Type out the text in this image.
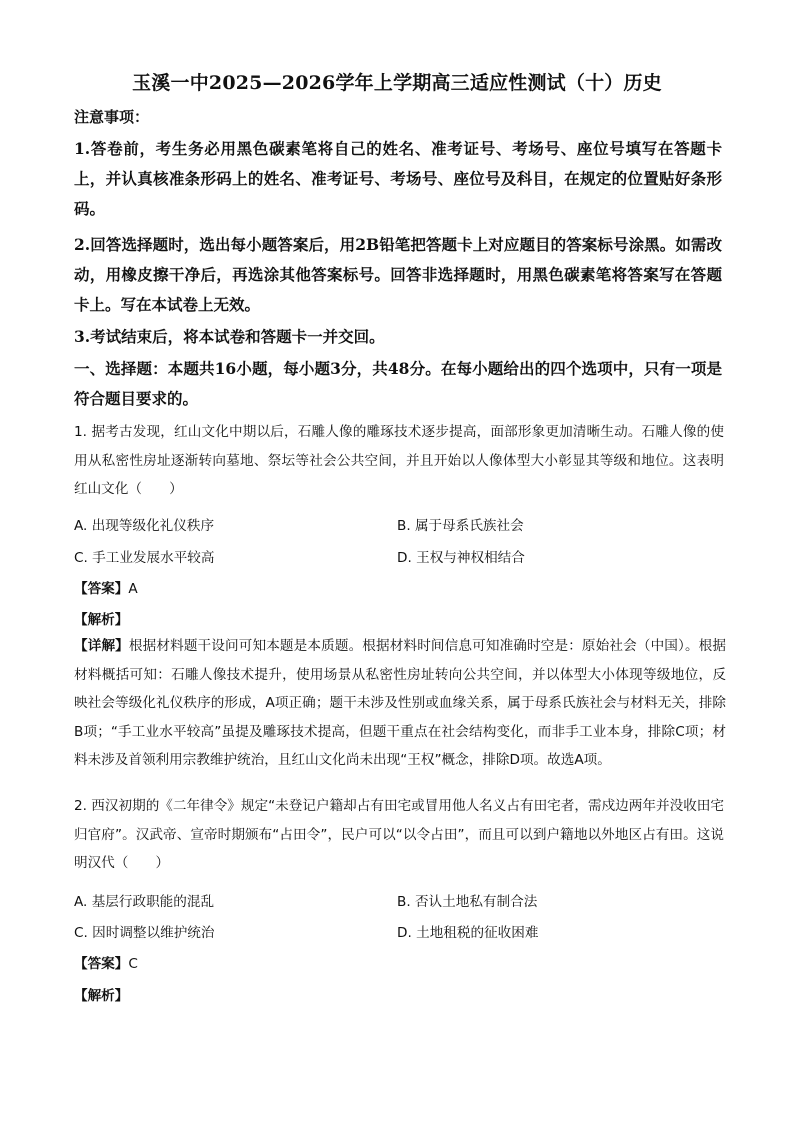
玉溪一中2025—2026学年上学期高三适应性测试（十）历史
注意事项：
1.答卷前，考生务必用黑色碳素笔将自己的姓名、准考证号、考场号、座位号填写在答题卡上，并认真核准条形码上的姓名、准考证号、考场号、座位号及科目，在规定的位置贴好条形码。
2.回答选择题时，选出每小题答案后，用2B铅笔把答题卡上对应题目的答案标号涂黑。如需改动，用橡皮擦干净后，再选涂其他答案标号。回答非选择题时，用黑色碳素笔将答案写在答题卡上。写在本试卷上无效。
3.考试结束后，将本试卷和答题卡一并交回。
一、选择题：本题共16小题，每小题3分，共48分。在每小题给出的四个选项中，只有一项是符合题目要求的。
1. 据考古发现，红山文化中期以后，石雕人像的雕琢技术逐步提高，面部形象更加清晰生动。石雕人像的使用从私密性房址逐渐转向墓地、祭坛等社会公共空间，并且开始以人像体型大小彰显其等级和地位。这表明红山文化（　　）
A. 出现等级化礼仪秩序	B. 属于母系氏族社会
C. 手工业发展水平较高	D. 王权与神权相结合
【答案】A
【解析】
【详解】根据材料题干设问可知本题是本质题。根据材料时间信息可知准确时空是：原始社会（中国）。根据材料概括可知：石雕人像技术提升，使用场景从私密性房址转向公共空间，并以体型大小体现等级地位，反映社会等级化礼仪秩序的形成，A项正确；题干未涉及性别或血缘关系，属于母系氏族社会与材料无关，排除B项；“手工业水平较高”虽提及雕琢技术提高，但题干重点在社会结构变化，而非手工业本身，排除C项；材料未涉及首领利用宗教维护统治，且红山文化尚未出现“王权”概念，排除D项。故选A项。
2. 西汉初期的《二年律令》规定“未登记户籍却占有田宅或冒用他人名义占有田宅者，需戍边两年并没收田宅归官府”。汉武帝、宣帝时期颁布“占田令”，民户可以“以令占田”，而且可以到户籍地以外地区占有田。这说明汉代（　　）
A. 基层行政职能的混乱	B. 否认土地私有制合法
C. 因时调整以维护统治	D. 土地租税的征收困难
【答案】C
【解析】
